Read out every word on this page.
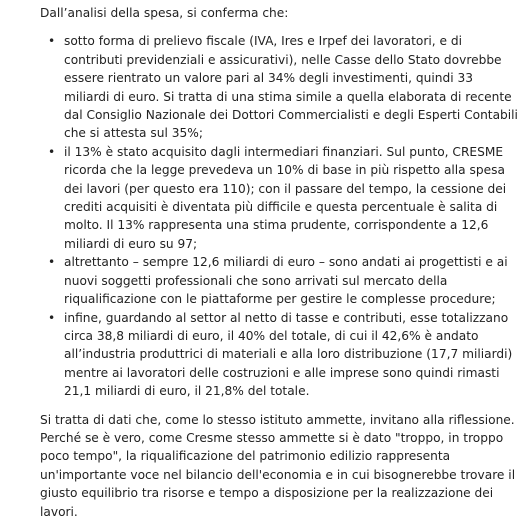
Dall’analisi della spesa, si conferma che:

• sotto forma di prelievo fiscale (IVA, Ires e Irpef dei lavoratori, e di contributi previdenziali e assicurativi), nelle Casse dello Stato dovrebbe essere rientrato un valore pari al 34% degli investimenti, quindi 33 miliardi di euro. Si tratta di una stima simile a quella elaborata di recente dal Consiglio Nazionale dei Dottori Commercialisti e degli Esperti Contabili che si attesta sul 35%;
• il 13% è stato acquisito dagli intermediari finanziari. Sul punto, CRESME ricorda che la legge prevedeva un 10% di base in più rispetto alla spesa dei lavori (per questo era 110); con il passare del tempo, la cessione dei crediti acquisiti è diventata più difficile e questa percentuale è salita di molto. Il 13% rappresenta una stima prudente, corrispondente a 12,6 miliardi di euro su 97;
• altrettanto – sempre 12,6 miliardi di euro – sono andati ai progettisti e ai nuovi soggetti professionali che sono arrivati sul mercato della riqualificazione con le piattaforme per gestire le complesse procedure;
• infine, guardando al settor al netto di tasse e contributi, esse totalizzano circa 38,8 miliardi di euro, il 40% del totale, di cui il 42,6% è andato all’industria produttrici di materiali e alla loro distribuzione (17,7 miliardi) mentre ai lavoratori delle costruzioni e alle imprese sono quindi rimasti 21,1 miliardi di euro, il 21,8% del totale.

Si tratta di dati che, come lo stesso istituto ammette, invitano alla riflessione. Perché se è vero, come Cresme stesso ammette si è dato "troppo, in troppo poco tempo", la riqualificazione del patrimonio edilizio rappresenta un'importante voce nel bilancio dell'economia e in cui bisognerebbe trovare il giusto equilibrio tra risorse e tempo a disposizione per la realizzazione dei lavori.
